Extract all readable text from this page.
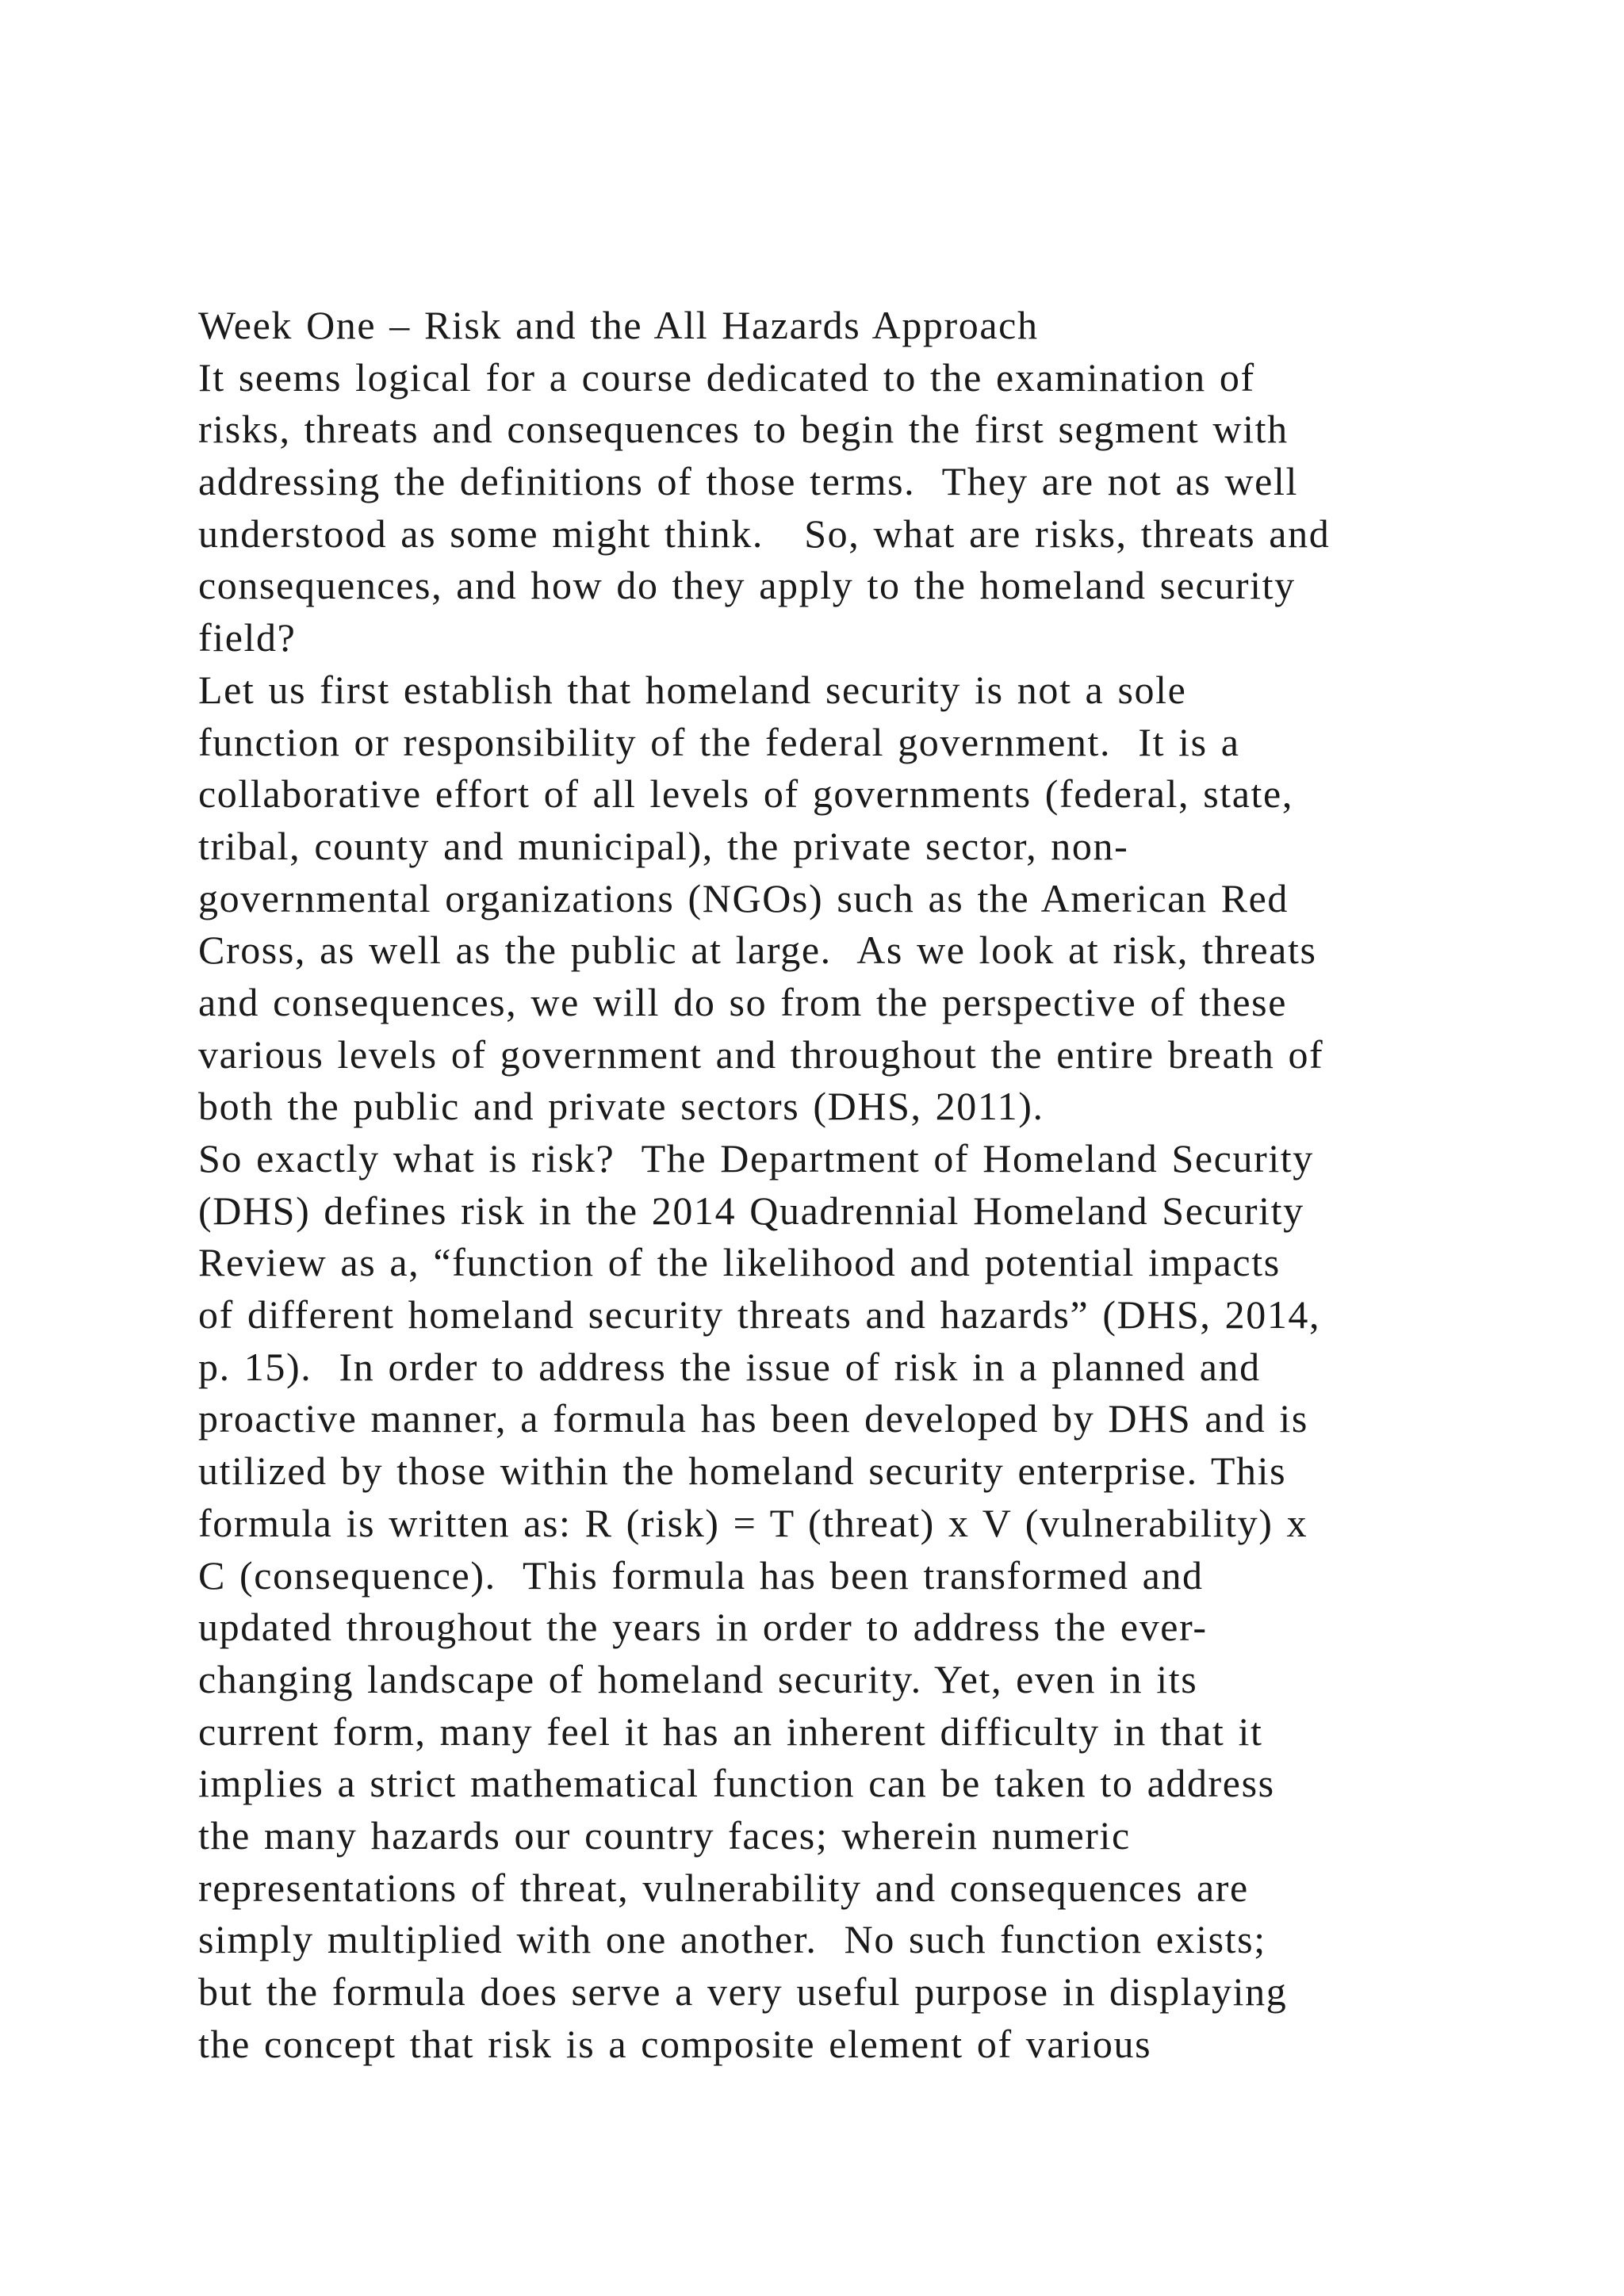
Week One – Risk and the All Hazards Approach
It seems logical for a course dedicated to the examination of
risks, threats and consequences to begin the first segment with
addressing the definitions of those terms.  They are not as well
understood as some might think.   So, what are risks, threats and
consequences, and how do they apply to the homeland security
field?
Let us first establish that homeland security is not a sole
function or responsibility of the federal government.  It is a
collaborative effort of all levels of governments (federal, state,
tribal, county and municipal), the private sector, non-
governmental organizations (NGOs) such as the American Red
Cross, as well as the public at large.  As we look at risk, threats
and consequences, we will do so from the perspective of these
various levels of government and throughout the entire breath of
both the public and private sectors (DHS, 2011).
So exactly what is risk?  The Department of Homeland Security
(DHS) defines risk in the 2014 Quadrennial Homeland Security
Review as a, “function of the likelihood and potential impacts
of different homeland security threats and hazards” (DHS, 2014,
p. 15).  In order to address the issue of risk in a planned and
proactive manner, a formula has been developed by DHS and is
utilized by those within the homeland security enterprise. This
formula is written as: R (risk) = T (threat) x V (vulnerability) x
C (consequence).  This formula has been transformed and
updated throughout the years in order to address the ever-
changing landscape of homeland security. Yet, even in its
current form, many feel it has an inherent difficulty in that it
implies a strict mathematical function can be taken to address
the many hazards our country faces; wherein numeric
representations of threat, vulnerability and consequences are
simply multiplied with one another.  No such function exists;
but the formula does serve a very useful purpose in displaying
the concept that risk is a composite element of various
